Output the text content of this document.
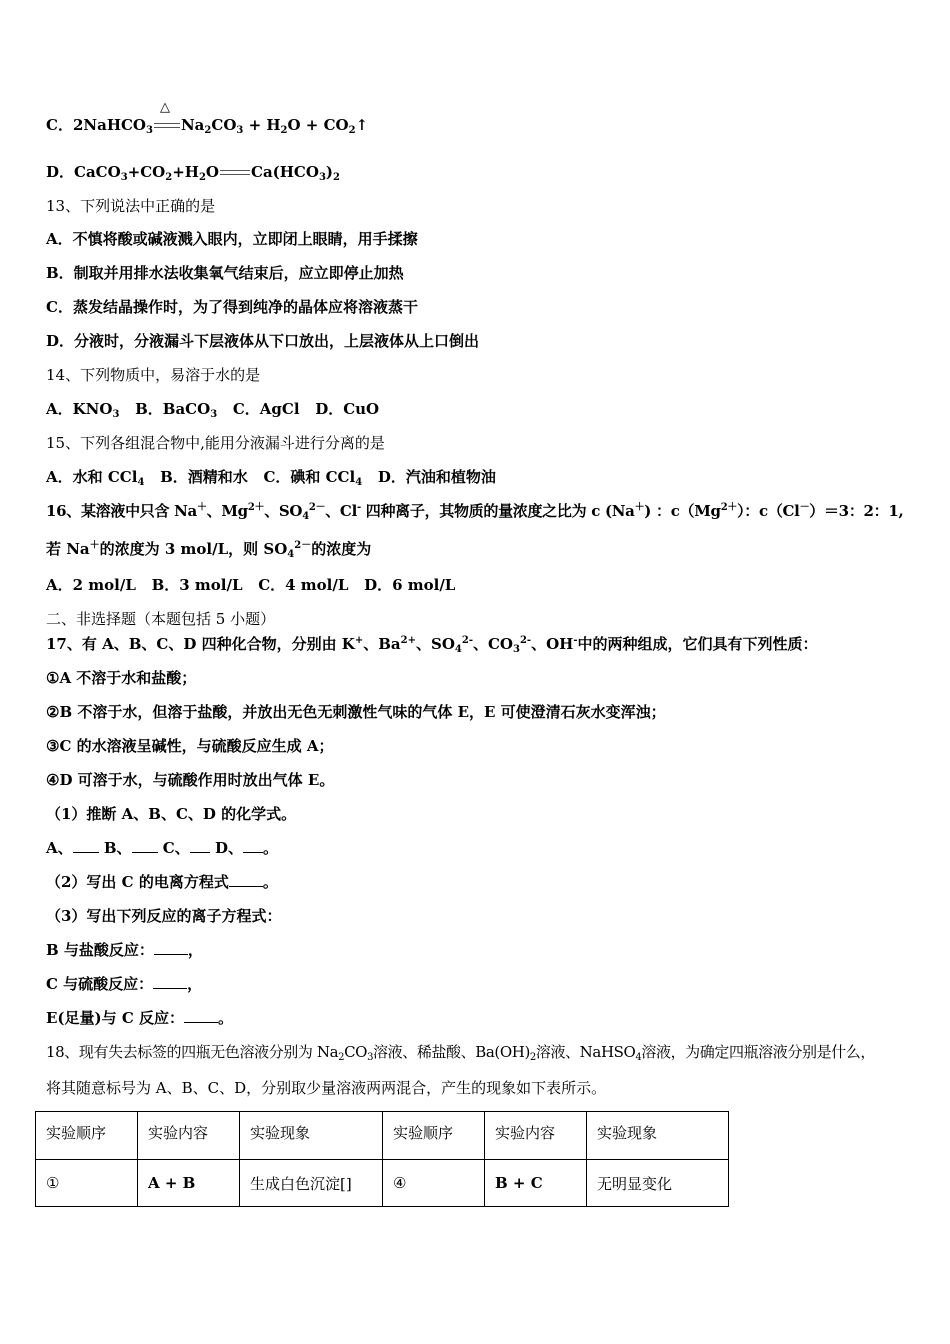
C．2NaHCO$_3$
△
$Na_2CO_3 + H_2O$ + $CO_2↑$
D．$CaCO_3+CO_2+H_2O$ $Ca(HCO_3)_2$
13、下列说法中正确的是
A．不慎将酸或碱液溅入眼内，立即闭上眼睛，用手揉擦
B．制取并用排水法收集氧气结束后，应立即停止加热
C．蒸发结晶操作时，为了得到纯净的晶体应将溶液蒸干
D．分液时，分液漏斗下层液体从下口放出，上层液体从上口倒出
14、下列物质中，易溶于水的是
A．$KNO_3$ B．BaCO$_3$ C．AgCl D．CuO
15、下列各组混合物中,能用分液漏斗进行分离的是
A．水和 CCl$_4$ B．酒精和水 C．碘和 CCl$_4$ D．汽油和植物油
16、某溶液中只含 Na＋、$Mg^{2+}$、$SO_4^{2-}$、Cl- 四种离子，其物质的量浓度之比为 c (Na＋) ：$c(Mg^{2+})$：c（Cl－）＝3：2：1,
若 Na＋的浓度为 3 mol/L，则 $SO_4^{2-}$的浓度为
A．2 mol/L B．3 mol/L C．4 mol/L D．6 mol/L
二、非选择题（本题包括 5 小题）
17、有 A、B、C、D 四种化合物，分别由 K+、$Ba^{2+}$、$SO_4^{2-}$、$CO_3^{2-}$、OH-中的两种组成，它们具有下列性质：
①A 不溶于水和盐酸；
②B 不溶于水，但溶于盐酸，并放出无色无刺激性气味的气体 E，E 可使澄清石灰水变浑浊；
③C 的水溶液呈碱性，与硫酸反应生成 A；
④D 可溶于水，与硫酸作用时放出气体 E。
（1）推断 A、B、C、D 的化学式。
A、 B、 C、 D、 。
（2）写出 C 的电离方程式 。
（3）写出下列反应的离子方程式：
B 与盐酸反应： ，
C 与硫酸反应： ，
E(足量)与 C 反应： 。
18、现有失去标签的四瓶无色溶液分别为 $Na_2CO_3$溶液、稀盐酸、$Ba(OH)_2$溶液、NaHSO$_4$溶液，为确定四瓶溶液分别是什么，
将其随意标号为 A、B、C、D，分别取少量溶液两两混合，产生的现象如下表所示。
实验顺序	实验内容	实验现象	实验顺序	实验内容	实验现象
①	A + B	生成白色沉淀[]	④	B + C	无明显变化
